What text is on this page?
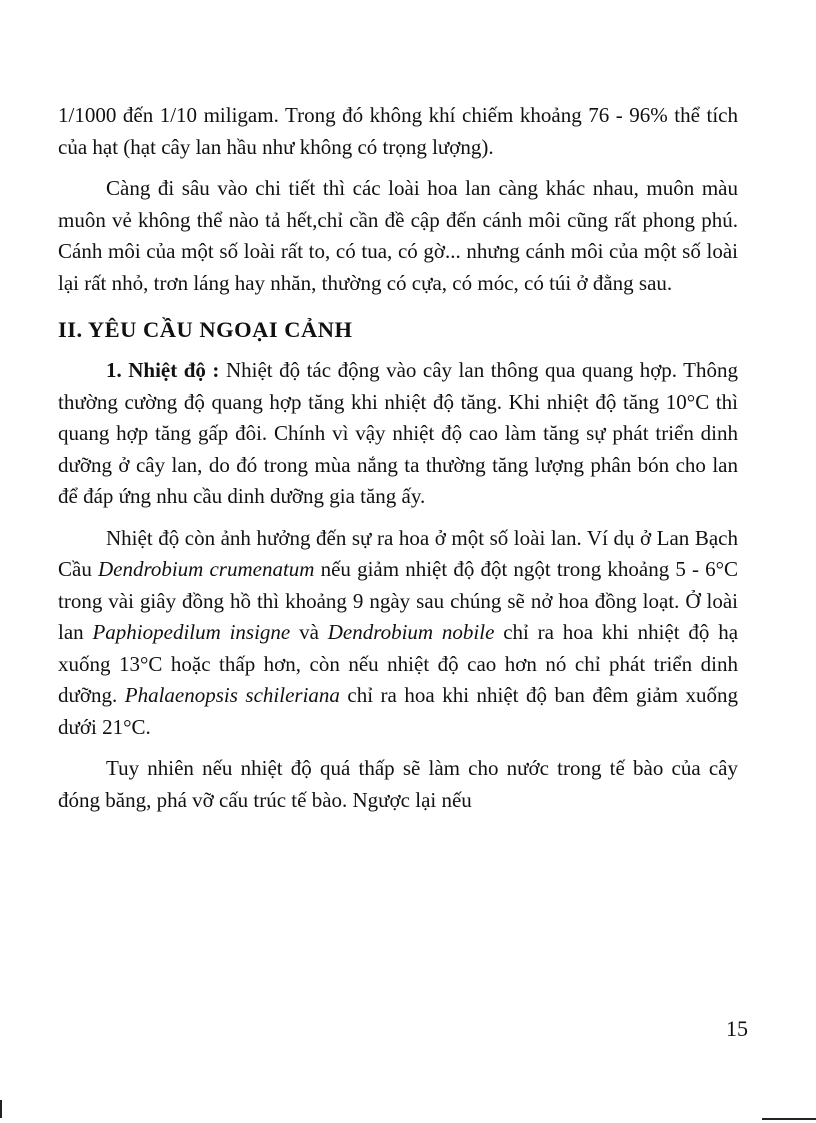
1/1000 đến 1/10 miligam. Trong đó không khí chiếm khoảng 76 - 96% thể tích của hạt (hạt cây lan hầu như không có trọng lượng).

Càng đi sâu vào chi tiết thì các loài hoa lan càng khác nhau, muôn màu muôn vẻ không thể nào tả hết,chỉ cần đề cập đến cánh môi cũng rất phong phú. Cánh môi của một số loài rất to, có tua, có gờ... nhưng cánh môi của một số loài lại rất nhỏ, trơn láng hay nhăn, thường có cựa, có móc, có túi ở đằng sau.

II. YÊU CẦU NGOẠI CẢNH

1. Nhiệt độ : Nhiệt độ tác động vào cây lan thông qua quang hợp. Thông thường cường độ quang hợp tăng khi nhiệt độ tăng. Khi nhiệt độ tăng 10°C thì quang hợp tăng gấp đôi. Chính vì vậy nhiệt độ cao làm tăng sự phát triển dinh dưỡng ở cây lan, do đó trong mùa nắng ta thường tăng lượng phân bón cho lan để đáp ứng nhu cầu dinh dưỡng gia tăng ấy.

Nhiệt độ còn ảnh hưởng đến sự ra hoa ở một số loài lan. Ví dụ ở Lan Bạch Cầu Dendrobium crumenatum nếu giảm nhiệt độ đột ngột trong khoảng 5 - 6°C trong vài giây đồng hồ thì khoảng 9 ngày sau chúng sẽ nở hoa đồng loạt. Ở loài lan Paphiopedilum insigne và Dendrobium nobile chỉ ra hoa khi nhiệt độ hạ xuống 13°C hoặc thấp hơn, còn nếu nhiệt độ cao hơn nó chỉ phát triển dinh dưỡng. Phalaenopsis schileriana chỉ ra hoa khi nhiệt độ ban đêm giảm xuống dưới 21°C.

Tuy nhiên nếu nhiệt độ quá thấp sẽ làm cho nước trong tế bào của cây đóng băng, phá vỡ cấu trúc tế bào. Ngược lại nếu

15
